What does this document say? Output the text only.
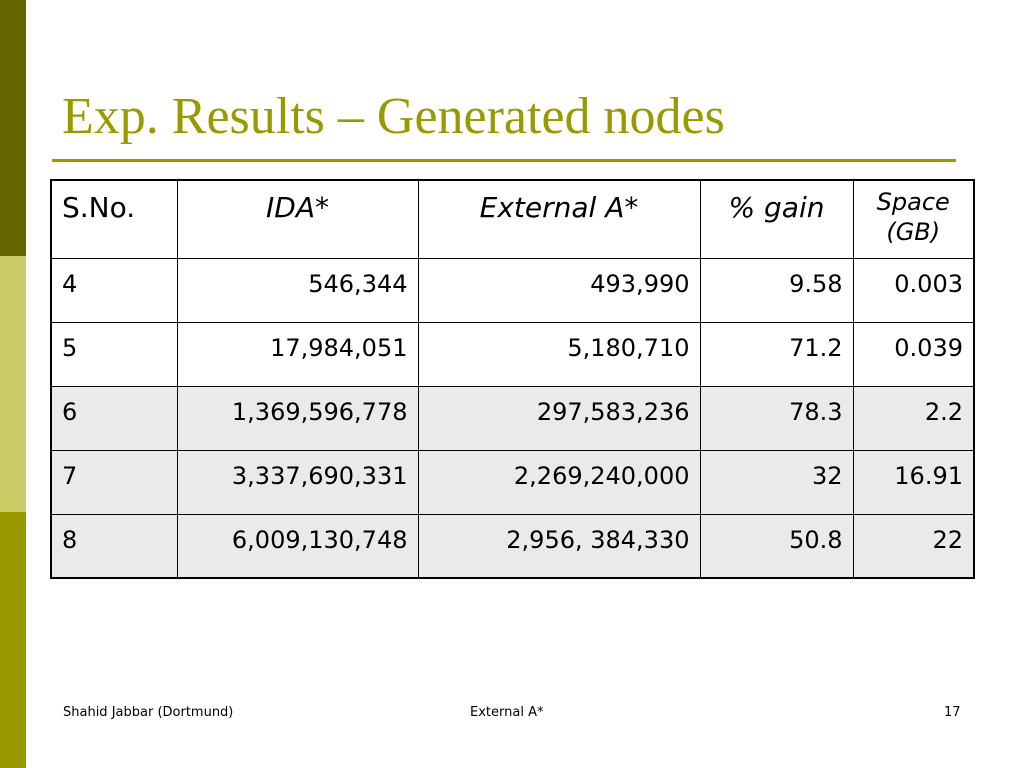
Exp. Results – Generated nodes
S.No.	IDA*	External A*	% gain	Space
(GB)
4	546,344	493,990	9.58	0.003
5	17,984,051	5,180,710	71.2	0.039
6	1,369,596,778	297,583,236	78.3	2.2
7	3,337,690,331	2,269,240,000	32	16.91
8	6,009,130,748	2,956, 384,330	50.8	22
Shahid Jabbar (Dortmund)	External A*	17
